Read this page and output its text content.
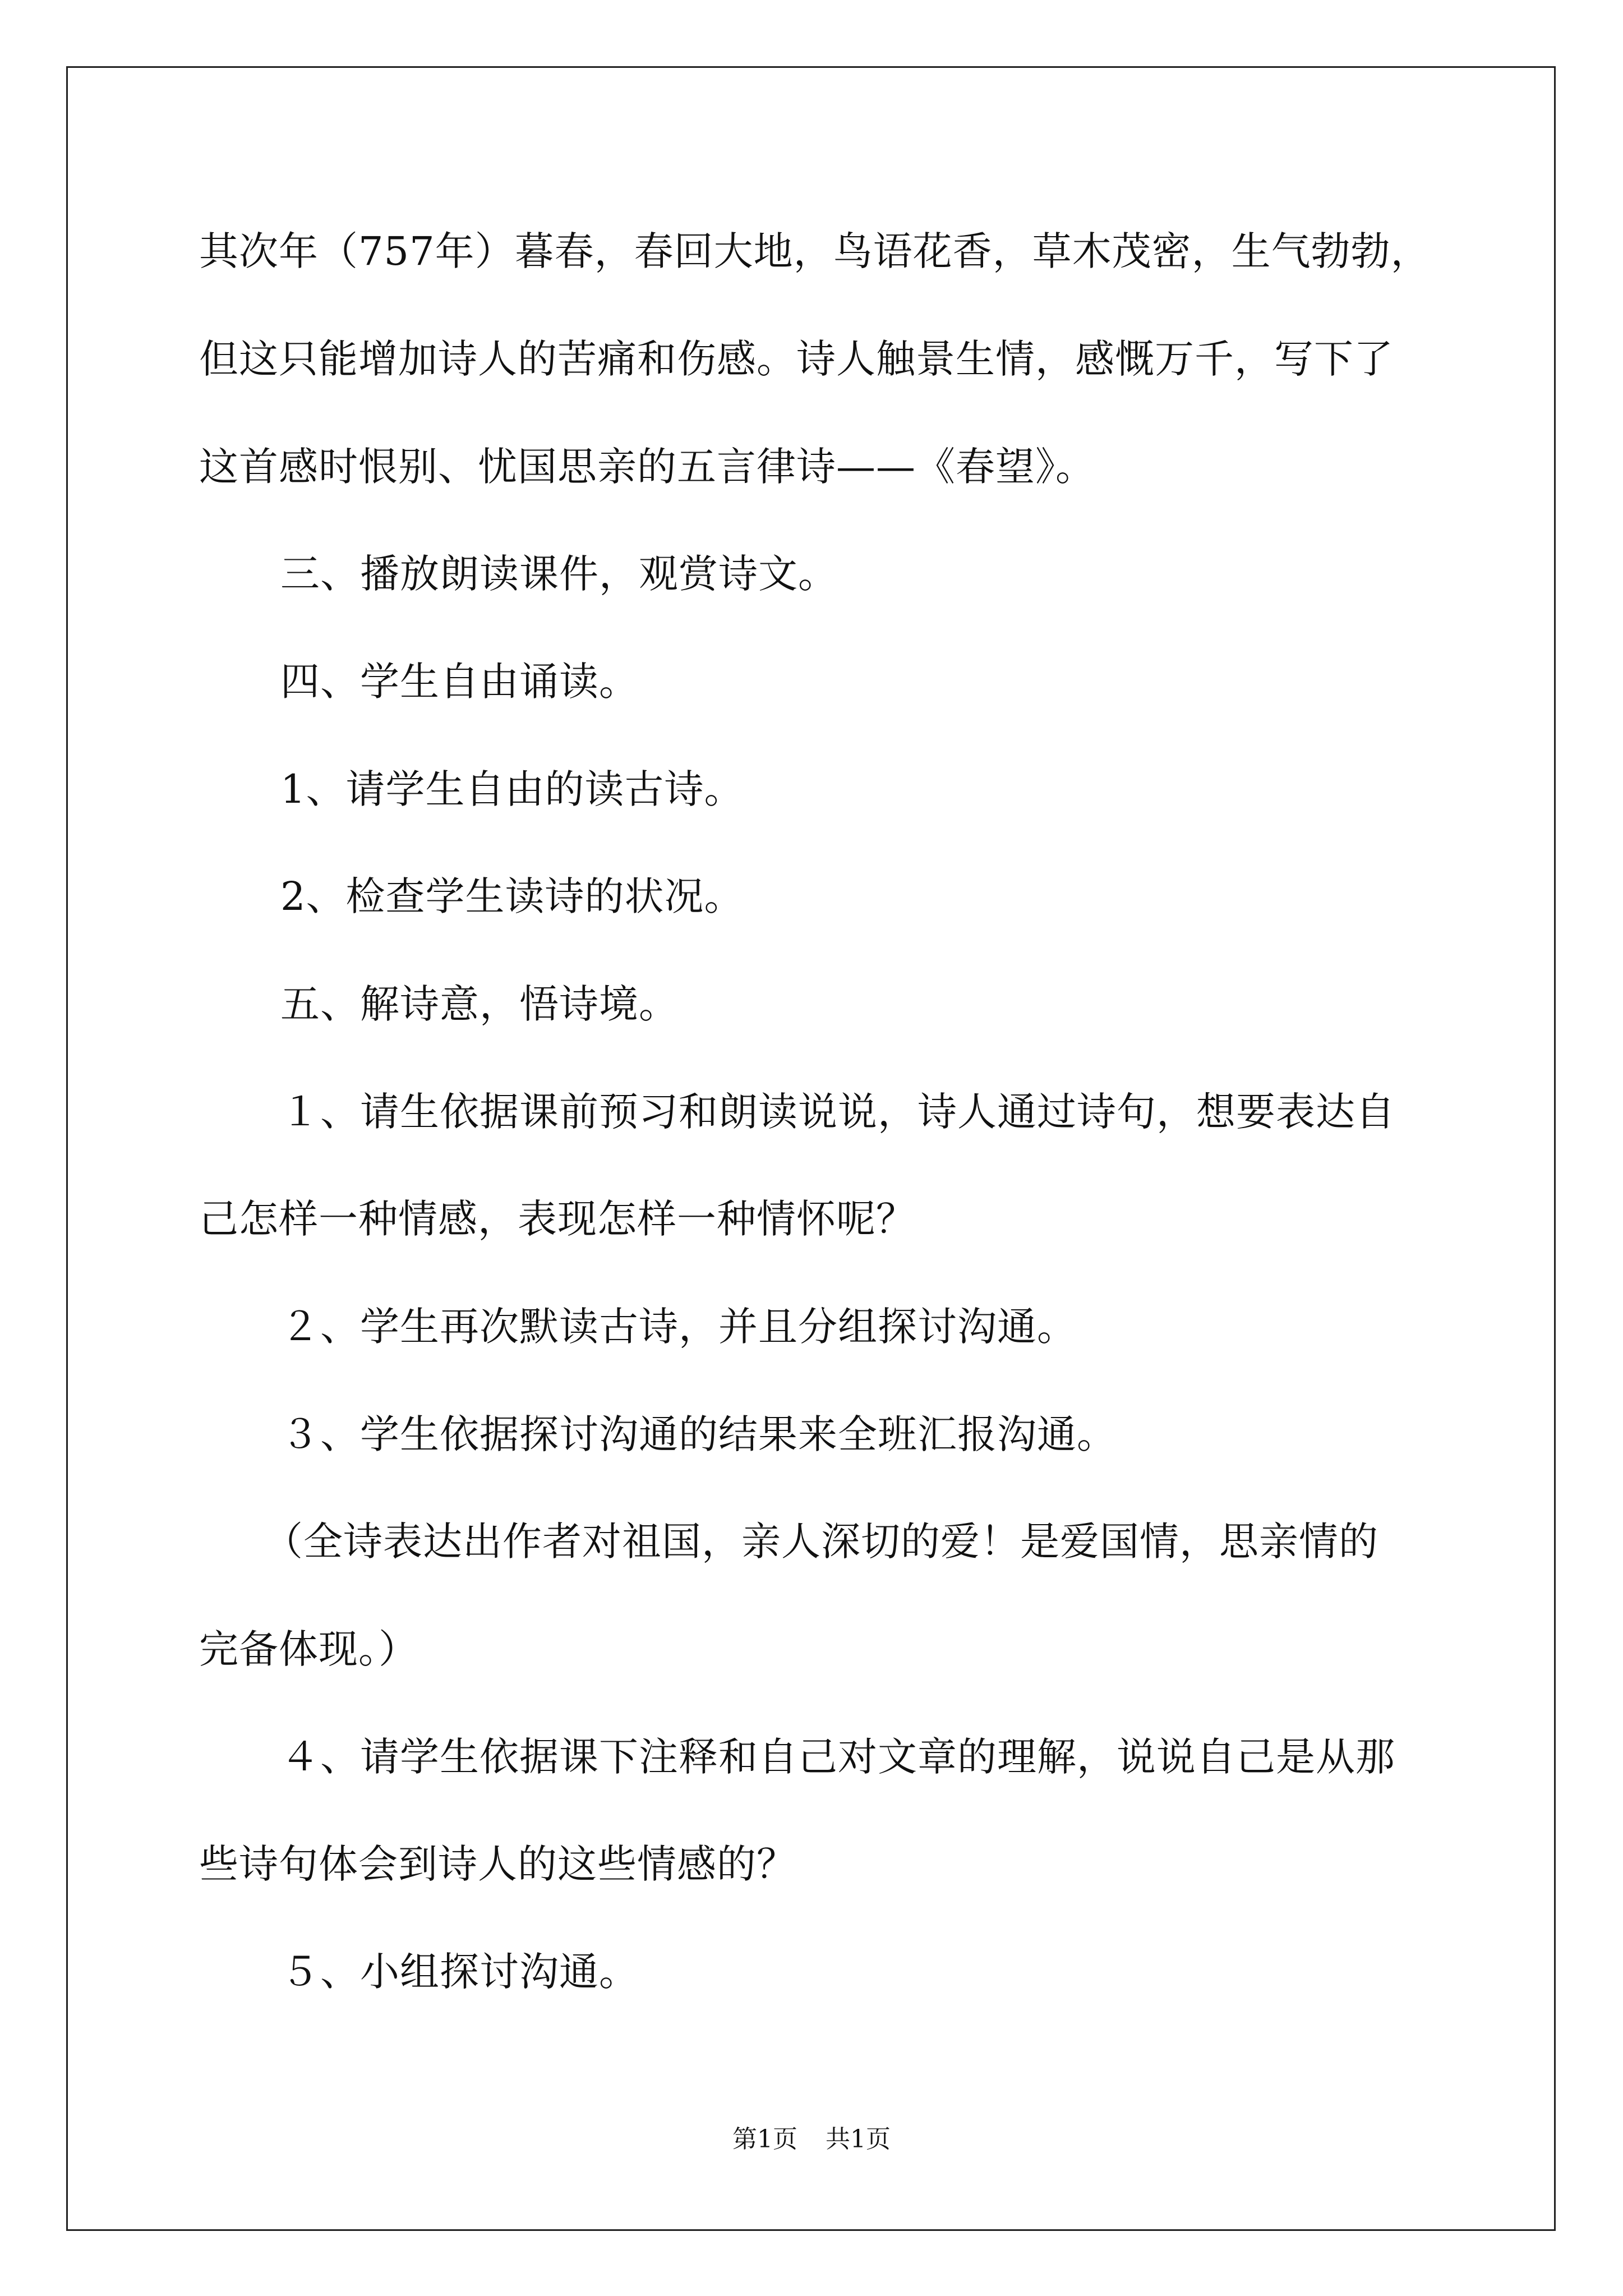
其次年（757年）暮春，春回大地，鸟语花香，草木茂密，生气勃勃，
但这只能增加诗人的苦痛和伤感。诗人触景生情，感慨万千，写下了
这首感时恨别、忧国思亲的五言律诗——《春望》。
三、播放朗读课件，观赏诗文。
四、学生自由诵读。
1、请学生自由的读古诗。
2、检查学生读诗的状况。
五、解诗意，悟诗境。
１、请生依据课前预习和朗读说说，诗人通过诗句，想要表达自
己怎样一种情感，表现怎样一种情怀呢？
２、学生再次默读古诗，并且分组探讨沟通。
３、学生依据探讨沟通的结果来全班汇报沟通。
（全诗表达出作者对祖国，亲人深切的爱！是爱国情，思亲情的
完备体现。）
４、请学生依据课下注释和自己对文章的理解，说说自己是从那
些诗句体会到诗人的这些情感的？
５、小组探讨沟通。
第1页 共1页
